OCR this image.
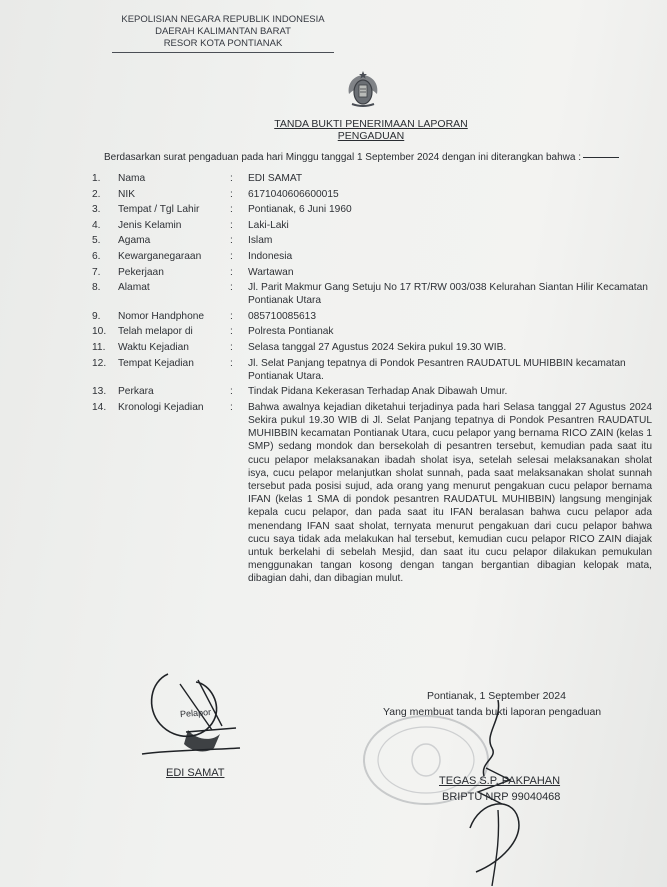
KEPOLISIAN NEGARA REPUBLIK INDONESIA
DAERAH KALIMANTAN BARAT
RESOR KOTA PONTIANAK
TANDA BUKTI PENERIMAAN LAPORAN PENGADUAN
Berdasarkan surat pengaduan pada hari Minggu tanggal 1 September 2024 dengan ini diterangkan bahwa :
1.	Nama	:	EDI SAMAT
2.	NIK	:	6171040606600015
3.	Tempat / Tgl Lahir	:	Pontianak, 6 Juni 1960
4.	Jenis Kelamin	:	Laki-Laki
5.	Agama	:	Islam
6.	Kewarganegaraan	:	Indonesia
7.	Pekerjaan	:	Wartawan
8.	Alamat	:	Jl. Parit Makmur Gang Setuju No 17 RT/RW 003/038 Kelurahan Siantan Hilir Kecamatan Pontianak Utara
9.	Nomor Handphone	:	085710085613
10.	Telah melapor di	:	Polresta Pontianak
11.	Waktu Kejadian	:	Selasa tanggal 27 Agustus 2024 Sekira pukul 19.30 WIB.
12.	Tempat Kejadian	:	Jl. Selat Panjang tepatnya di Pondok Pesantren RAUDATUL MUHIBBIN kecamatan Pontianak Utara.
13.	Perkara	:	Tindak Pidana Kekerasan Terhadap Anak Dibawah Umur.
14.	Kronologi Kejadian	:	Bahwa awalnya kejadian diketahui terjadinya pada hari Selasa tanggal 27 Agustus 2024 Sekira pukul 19.30 WIB di Jl. Selat Panjang tepatnya di Pondok Pesantren RAUDATUL MUHIBBIN kecamatan Pontianak Utara, cucu pelapor yang bernama RICO ZAIN (kelas 1 SMP) sedang mondok dan bersekolah di pesantren tersebut, kemudian pada saat itu cucu pelapor melaksanakan ibadah sholat isya, setelah selesai melaksanakan sholat isya, cucu pelapor melanjutkan sholat sunnah, pada saat melaksanakan sholat sunnah tersebut pada posisi sujud, ada orang yang menurut pengakuan cucu pelapor bernama IFAN (kelas 1 SMA di pondok pesantren RAUDATUL MUHIBBIN) langsung menginjak kepala cucu pelapor, dan pada saat itu IFAN beralasan bahwa cucu pelapor ada menendang IFAN saat sholat, ternyata menurut pengakuan dari cucu pelapor bahwa cucu saya tidak ada melakukan hal tersebut, kemudian cucu pelapor RICO ZAIN diajak untuk berkelahi di sebelah Mesjid, dan saat itu cucu pelapor dilakukan pemukulan menggunakan tangan kosong dengan tangan bergantian dibagian kelopak mata, dibagian dahi, dan dibagian mulut.
Pontianak, 1 September 2024
Yang membuat tanda bukti laporan pengaduan
Pelapor
EDI SAMAT
TEGAS S.P. PAKPAHAN
BRIPTU NRP 99040468
